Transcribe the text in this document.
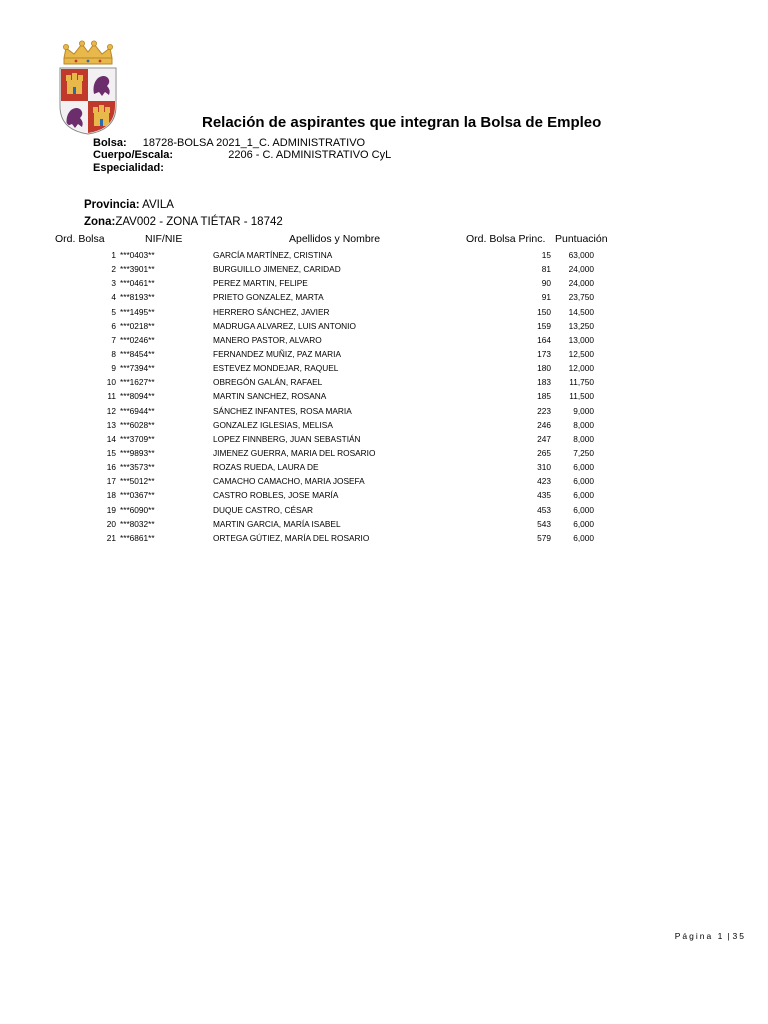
Relación de aspirantes que integran la Bolsa de Empleo
Bolsa: 18728-BOLSA 2021_1_C. ADMINISTRATIVO
Cuerpo/Escala:	2206 - C. ADMINISTRATIVO CyL
Especialidad:
Provincia: AVILA
Zona:ZAV002 - ZONA TIÉTAR - 18742
Ord. Bolsa	NIF/NIE	Apellidos y Nombre	Ord. Bolsa Princ. Puntuación
1 ***0403**	GARCÍA MARTÍNEZ, CRISTINA	15 63,000
2 ***3901**	BURGUILLO JIMENEZ, CARIDAD	81 24,000
3 ***0461**	PEREZ MARTIN, FELIPE	90 24,000
4 ***8193**	PRIETO GONZALEZ, MARTA	91 23,750
5 ***1495**	HERRERO SÁNCHEZ, JAVIER	150 14,500
6 ***0218**	MADRUGA ALVAREZ, LUIS ANTONIO	159 13,250
7 ***0246**	MANERO PASTOR, ALVARO	164 13,000
8 ***8454**	FERNANDEZ MUÑIZ, PAZ MARIA	173 12,500
9 ***7394**	ESTEVEZ MONDEJAR, RAQUEL	180 12,000
10 ***1627**	OBREGÓN GALÁN, RAFAEL	183 11,750
11 ***8094**	MARTIN SANCHEZ, ROSANA	185 11,500
12 ***6944**	SÁNCHEZ INFANTES, ROSA MARIA	223	9,000
13 ***6028**	GONZALEZ IGLESIAS, MELISA	246	8,000
14 ***3709**	LOPEZ FINNBERG, JUAN SEBASTIÁN	247	8,000
15 ***9893**	JIMENEZ GUERRA, MARIA DEL ROSARIO	265	7,250
16 ***3573**	ROZAS RUEDA, LAURA DE	310	6,000
17 ***5012**	CAMACHO CAMACHO, MARIA JOSEFA	423	6,000
18 ***0367**	CASTRO ROBLES, JOSE MARÍA	435	6,000
19 ***6090**	DUQUE CASTRO, CÉSAR	453	6,000
20 ***8032**	MARTIN GARCIA, MARÍA ISABEL	543	6,000
21 ***6861**	ORTEGA GÚTIEZ, MARÍA DEL ROSARIO	579	6,000
Página 1 | 35
